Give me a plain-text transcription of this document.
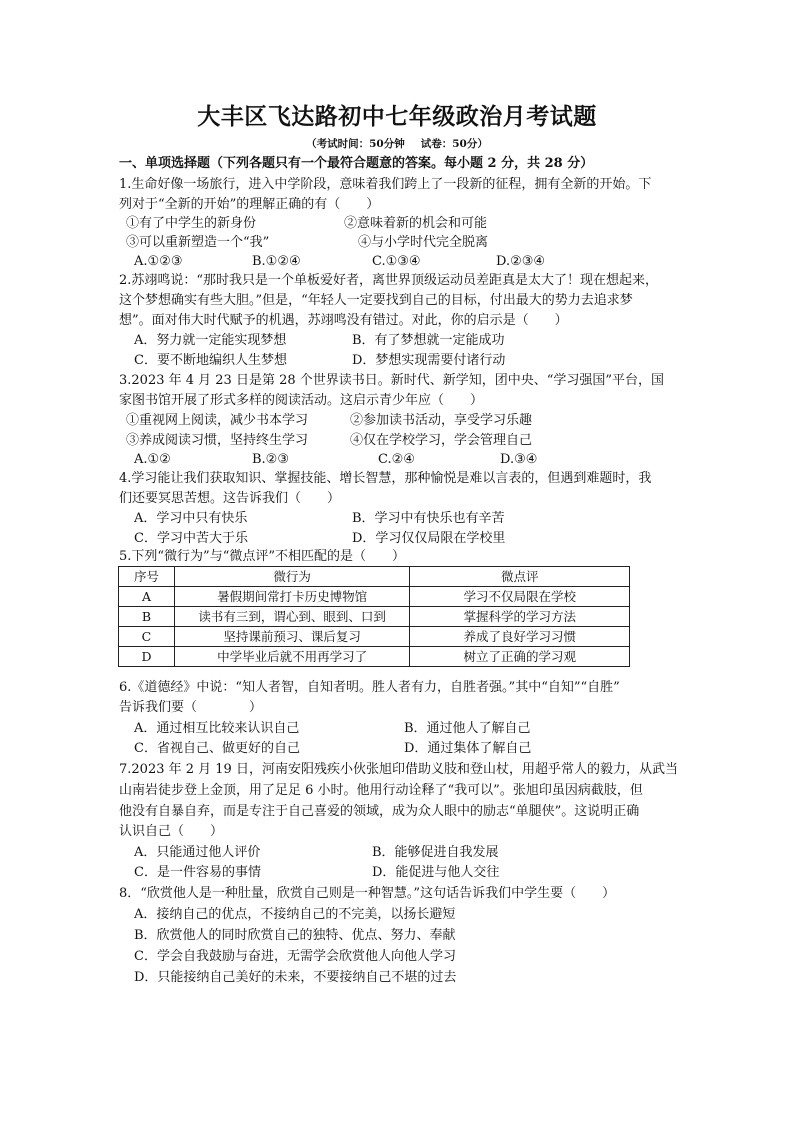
大丰区飞达路初中七年级政治月考试题
（考试时间：50分钟 试卷：50分）
一、单项选择题（下列各题只有一个最符合题意的答案。每小题 2 分，共 28 分）
1.生命好像一场旅行，进入中学阶段，意味着我们跨上了一段新的征程，拥有全新的开始。下
列对于“全新的开始”的理解正确的有（　　）
①有了中学生的新身份	②意味着新的机会和可能
③可以重新塑造一个“我”	④与小学时代完全脱离
A.①②③	B.①②④	C.①③④	D.②③④
2.苏翊鸣说：“那时我只是一个单板爱好者，离世界顶级运动员差距真是太大了！现在想起来，
这个梦想确实有些大胆。”但是，“年轻人一定要找到自己的目标，付出最大的势力去追求梦
想”。面对伟大时代赋予的机遇，苏翊鸣没有错过。对此，你的启示是（　　）
A．努力就一定能实现梦想	B．有了梦想就一定能成功
C．要不断地编织人生梦想	D．梦想实现需要付诸行动
3.2023 年 4 月 23 日是第 28 个世界读书日。新时代、新学知，团中央、“学习强国”平台，国
家图书馆开展了形式多样的阅读活动。这启示青少年应（　　）
①重视网上阅读，减少书本学习	②参加读书活动，享受学习乐趣
③养成阅读习惯，坚持终生学习	④仅在学校学习，学会管理自己
A.①②	B.②③	C.②④	D.③④
4.学习能让我们获取知识、掌握技能、增长智慧，那种愉悦是难以言表的，但遇到难题时，我
们还要冥思苦想。这告诉我们（　　）
A．学习中只有快乐	B．学习中有快乐也有辛苦
C．学习中苦大于乐	D．学习仅仅局限在学校里
5.下列“微行为”与“微点评”不相匹配的是（　　）
序号	微行为	微点评
A	暑假期间常打卡历史博物馆	学习不仅局限在学校
B	读书有三到，谓心到、眼到、口到	掌握科学的学习方法
C	坚持课前预习、课后复习	养成了良好学习习惯
D	中学毕业后就不用再学习了	树立了正确的学习观
6.《道德经》中说：“知人者智，自知者明。胜人者有力，自胜者强。”其中“自知”“自胜”
告诉我们要（　　　　）
A．通过相互比较来认识自己	B．通过他人了解自己
C．省视自己、做更好的自己	D．通过集体了解自己
7.2023 年 2 月 19 日，河南安阳残疾小伙张旭印借助义肢和登山杖，用超乎常人的毅力，从武当
山南岩徒步登上金顶，用了足足 6 小时。他用行动诠释了“我可以”。张旭印虽因病截肢，但
他没有自暴自弃，而是专注于自己喜爱的领域，成为众人眼中的励志“单腿侠”。这说明正确
认识自己（　　）
A．只能通过他人评价	B．能够促进自我发展
C．是一件容易的事情	D．能促进与他人交往
8．“欣赏他人是一种肚量，欣赏自己则是一种智慧。”这句话告诉我们中学生要（　　）
A．接纳自己的优点，不接纳自己的不完美，以扬长避短
B．欣赏他人的同时欣赏自己的独特、优点、努力、奉献
C．学会自我鼓励与奋进，无需学会欣赏他人向他人学习
D．只能接纳自己美好的未来，不要接纳自己不堪的过去
